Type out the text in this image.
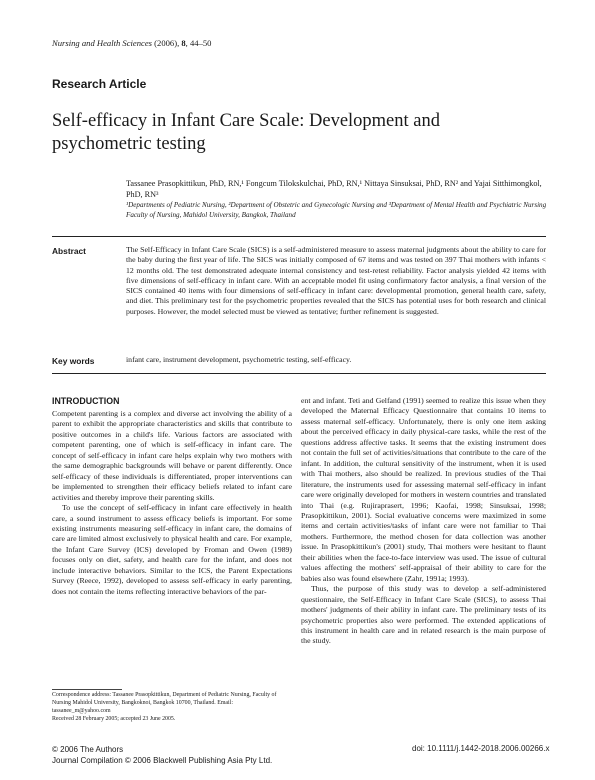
Nursing and Health Sciences (2006), 8, 44–50
Research Article
Self-efficacy in Infant Care Scale: Development and psychometric testing
Tassanee Prasopkittikun, PhD, RN,¹ Fongcum Tilokskulchai, PhD, RN,¹ Nittaya Sinsuksai, PhD, RN² and Yajai Sitthimongkol, PhD, RN³
¹Departments of Pediatric Nursing, ²Department of Obstetric and Gynecologic Nursing and ³Department of Mental Health and Psychiatric Nursing Faculty of Nursing, Mahidol University, Bangkok, Thailand
Abstract	The Self-Efficacy in Infant Care Scale (SICS) is a self-administered measure to assess maternal judgments about the ability to care for the baby during the first year of life. The SICS was initially composed of 67 items and was tested on 397 Thai mothers with infants < 12 months old. The test demonstrated adequate internal consistency and test-retest reliability. Factor analysis yielded 42 items with five dimensions of self-efficacy in infant care. With an acceptable model fit using confirmatory factor analysis, a final version of the SICS contained 40 items with four dimensions of self-efficacy in infant care: developmental promotion, general health care, safety, and diet. This preliminary test for the psychometric properties revealed that the SICS has potential uses for both research and clinical purposes. However, the model selected must be viewed as tentative; further refinement is suggested.
Key words	infant care, instrument development, psychometric testing, self-efficacy.
INTRODUCTION

Competent parenting is a complex and diverse act involving the ability of a parent to exhibit the appropriate characteristics and skills that contribute to positive outcomes in a child's life. Various factors are associated with competent parenting, one of which is self-efficacy in infant care. The concept of self-efficacy in infant care helps explain why two mothers with the same demographic backgrounds will behave or parent differently. Once self-efficacy of these individuals is differentiated, proper interventions can be implemented to strengthen their efficacy beliefs related to infant care activities and thereby improve their parenting skills.

To use the concept of self-efficacy in infant care effectively in health care, a sound instrument to assess efficacy beliefs is important. For some existing instruments measuring self-efficacy in infant care, the domains of care are limited almost exclusively to physical health and care. For example, the Infant Care Survey (ICS) developed by Froman and Owen (1989) focuses only on diet, safety, and health care for the infant, and does not include interactive behaviors. Similar to the ICS, the Parent Expectations Survey (Reece, 1992), developed to assess self-efficacy in early parenting, does not contain the items reflecting interactive behaviors of the par-

ent and infant. Teti and Gelfand (1991) seemed to realize this issue when they developed the Maternal Efficacy Questionnaire that contains 10 items to assess maternal self-efficacy. Unfortunately, there is only one item asking about the perceived efficacy in daily physical-care tasks, while the rest of the questions address affective tasks. It seems that the existing instrument does not contain the full set of activities/situations that contribute to the care of the infant. In addition, the cultural sensitivity of the instrument, when it is used with Thai mothers, also should be realized. In previous studies of the Thai literature, the instruments used for assessing maternal self-efficacy in infant care were originally developed for mothers in western countries and translated into Thai (e.g. Rujiraprasert, 1996; Kaofai, 1998; Sinsuksai, 1998; Prasopkittikun, 2001). Social evaluative concerns were maximized in some items and certain activities/tasks of infant care were not familiar to Thai mothers. Furthermore, the method chosen for data collection was another issue. In Prasopkittikun's (2001) study, Thai mothers were hesitant to flaunt their abilities when the face-to-face interview was used. The issue of cultural values affecting the mothers' self-appraisal of their ability to care for the babies also was found elsewhere (Zahr, 1991a; 1993).

Thus, the purpose of this study was to develop a self-administered questionnaire, the Self-Efficacy in Infant Care Scale (SICS), to assess Thai mothers' judgments of their ability in infant care. The preliminary tests of its psychometric properties also were performed. The extended applications of this instrument in health care and in related research is the main purpose of the study.

Correspondence address: Tassanee Prasopkittikun, Department of Pediatric Nursing, Faculty of Nursing Mahidol University, Bangkoknoi, Bangkok 10700, Thailand. Email: tassanee_m@yahoo.com
Received 28 February 2005; accepted 23 June 2005.
© 2006 The Authors
Journal Compilation © 2006 Blackwell Publishing Asia Pty Ltd.
doi: 10.1111/j.1442-2018.2006.00266.x
